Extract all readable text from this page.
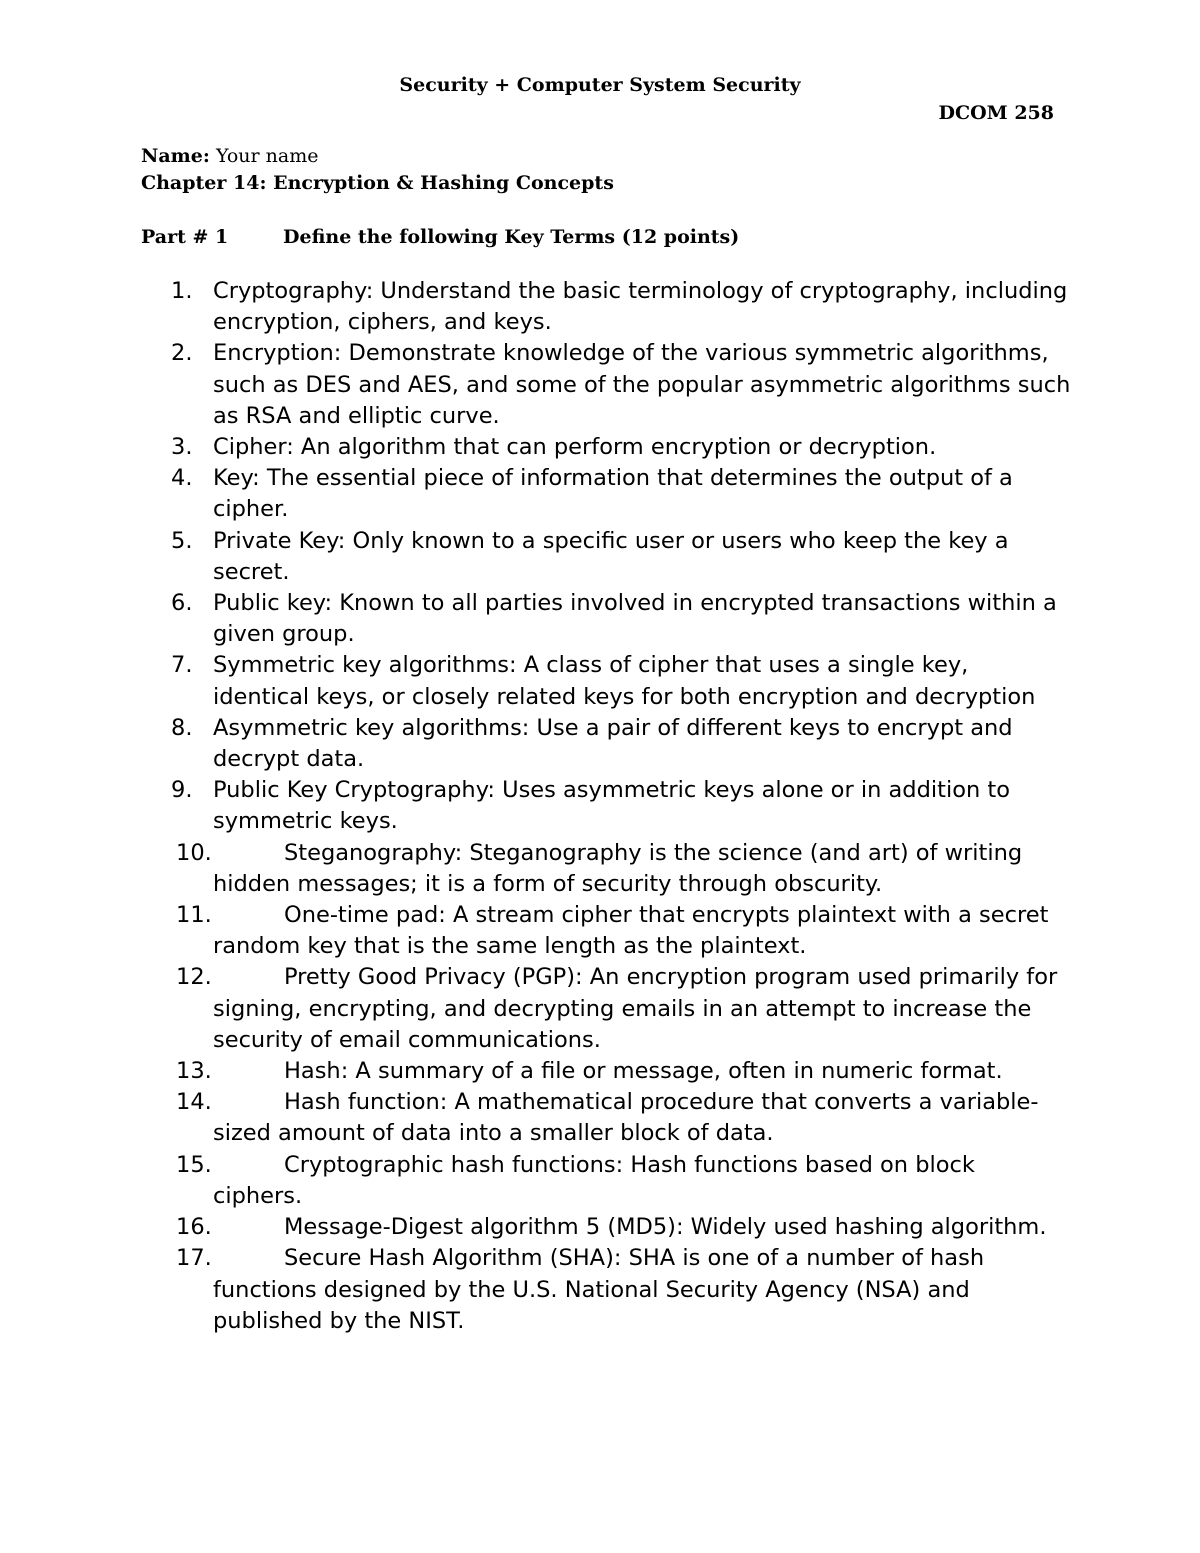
Security + Computer System Security
DCOM 258
Name: Your name
Chapter 14: Encryption & Hashing Concepts
Part # 1	Define the following Key Terms (12 points)
1. Cryptography: Understand the basic terminology of cryptography, including encryption, ciphers, and keys.
2. Encryption: Demonstrate knowledge of the various symmetric algorithms, such as DES and AES, and some of the popular asymmetric algorithms such as RSA and elliptic curve.
3. Cipher: An algorithm that can perform encryption or decryption.
4. Key: The essential piece of information that determines the output of a cipher.
5. Private Key: Only known to a specific user or users who keep the key a secret.
6. Public key: Known to all parties involved in encrypted transactions within a given group.
7. Symmetric key algorithms: A class of cipher that uses a single key, identical keys, or closely related keys for both encryption and decryption
8. Asymmetric key algorithms: Use a pair of different keys to encrypt and decrypt data.
9. Public Key Cryptography: Uses asymmetric keys alone or in addition to symmetric keys.
10.	Steganography: Steganography is the science (and art) of writing hidden messages; it is a form of security through obscurity.
11.	One-time pad: A stream cipher that encrypts plaintext with a secret random key that is the same length as the plaintext.
12.	Pretty Good Privacy (PGP): An encryption program used primarily for signing, encrypting, and decrypting emails in an attempt to increase the security of email communications.
13.	Hash: A summary of a file or message, often in numeric format.
14.	Hash function: A mathematical procedure that converts a variable-sized amount of data into a smaller block of data.
15.	Cryptographic hash functions: Hash functions based on block ciphers.
16.	Message-Digest algorithm 5 (MD5): Widely used hashing algorithm.
17.	Secure Hash Algorithm (SHA): SHA is one of a number of hash functions designed by the U.S. National Security Agency (NSA) and published by the NIST.
